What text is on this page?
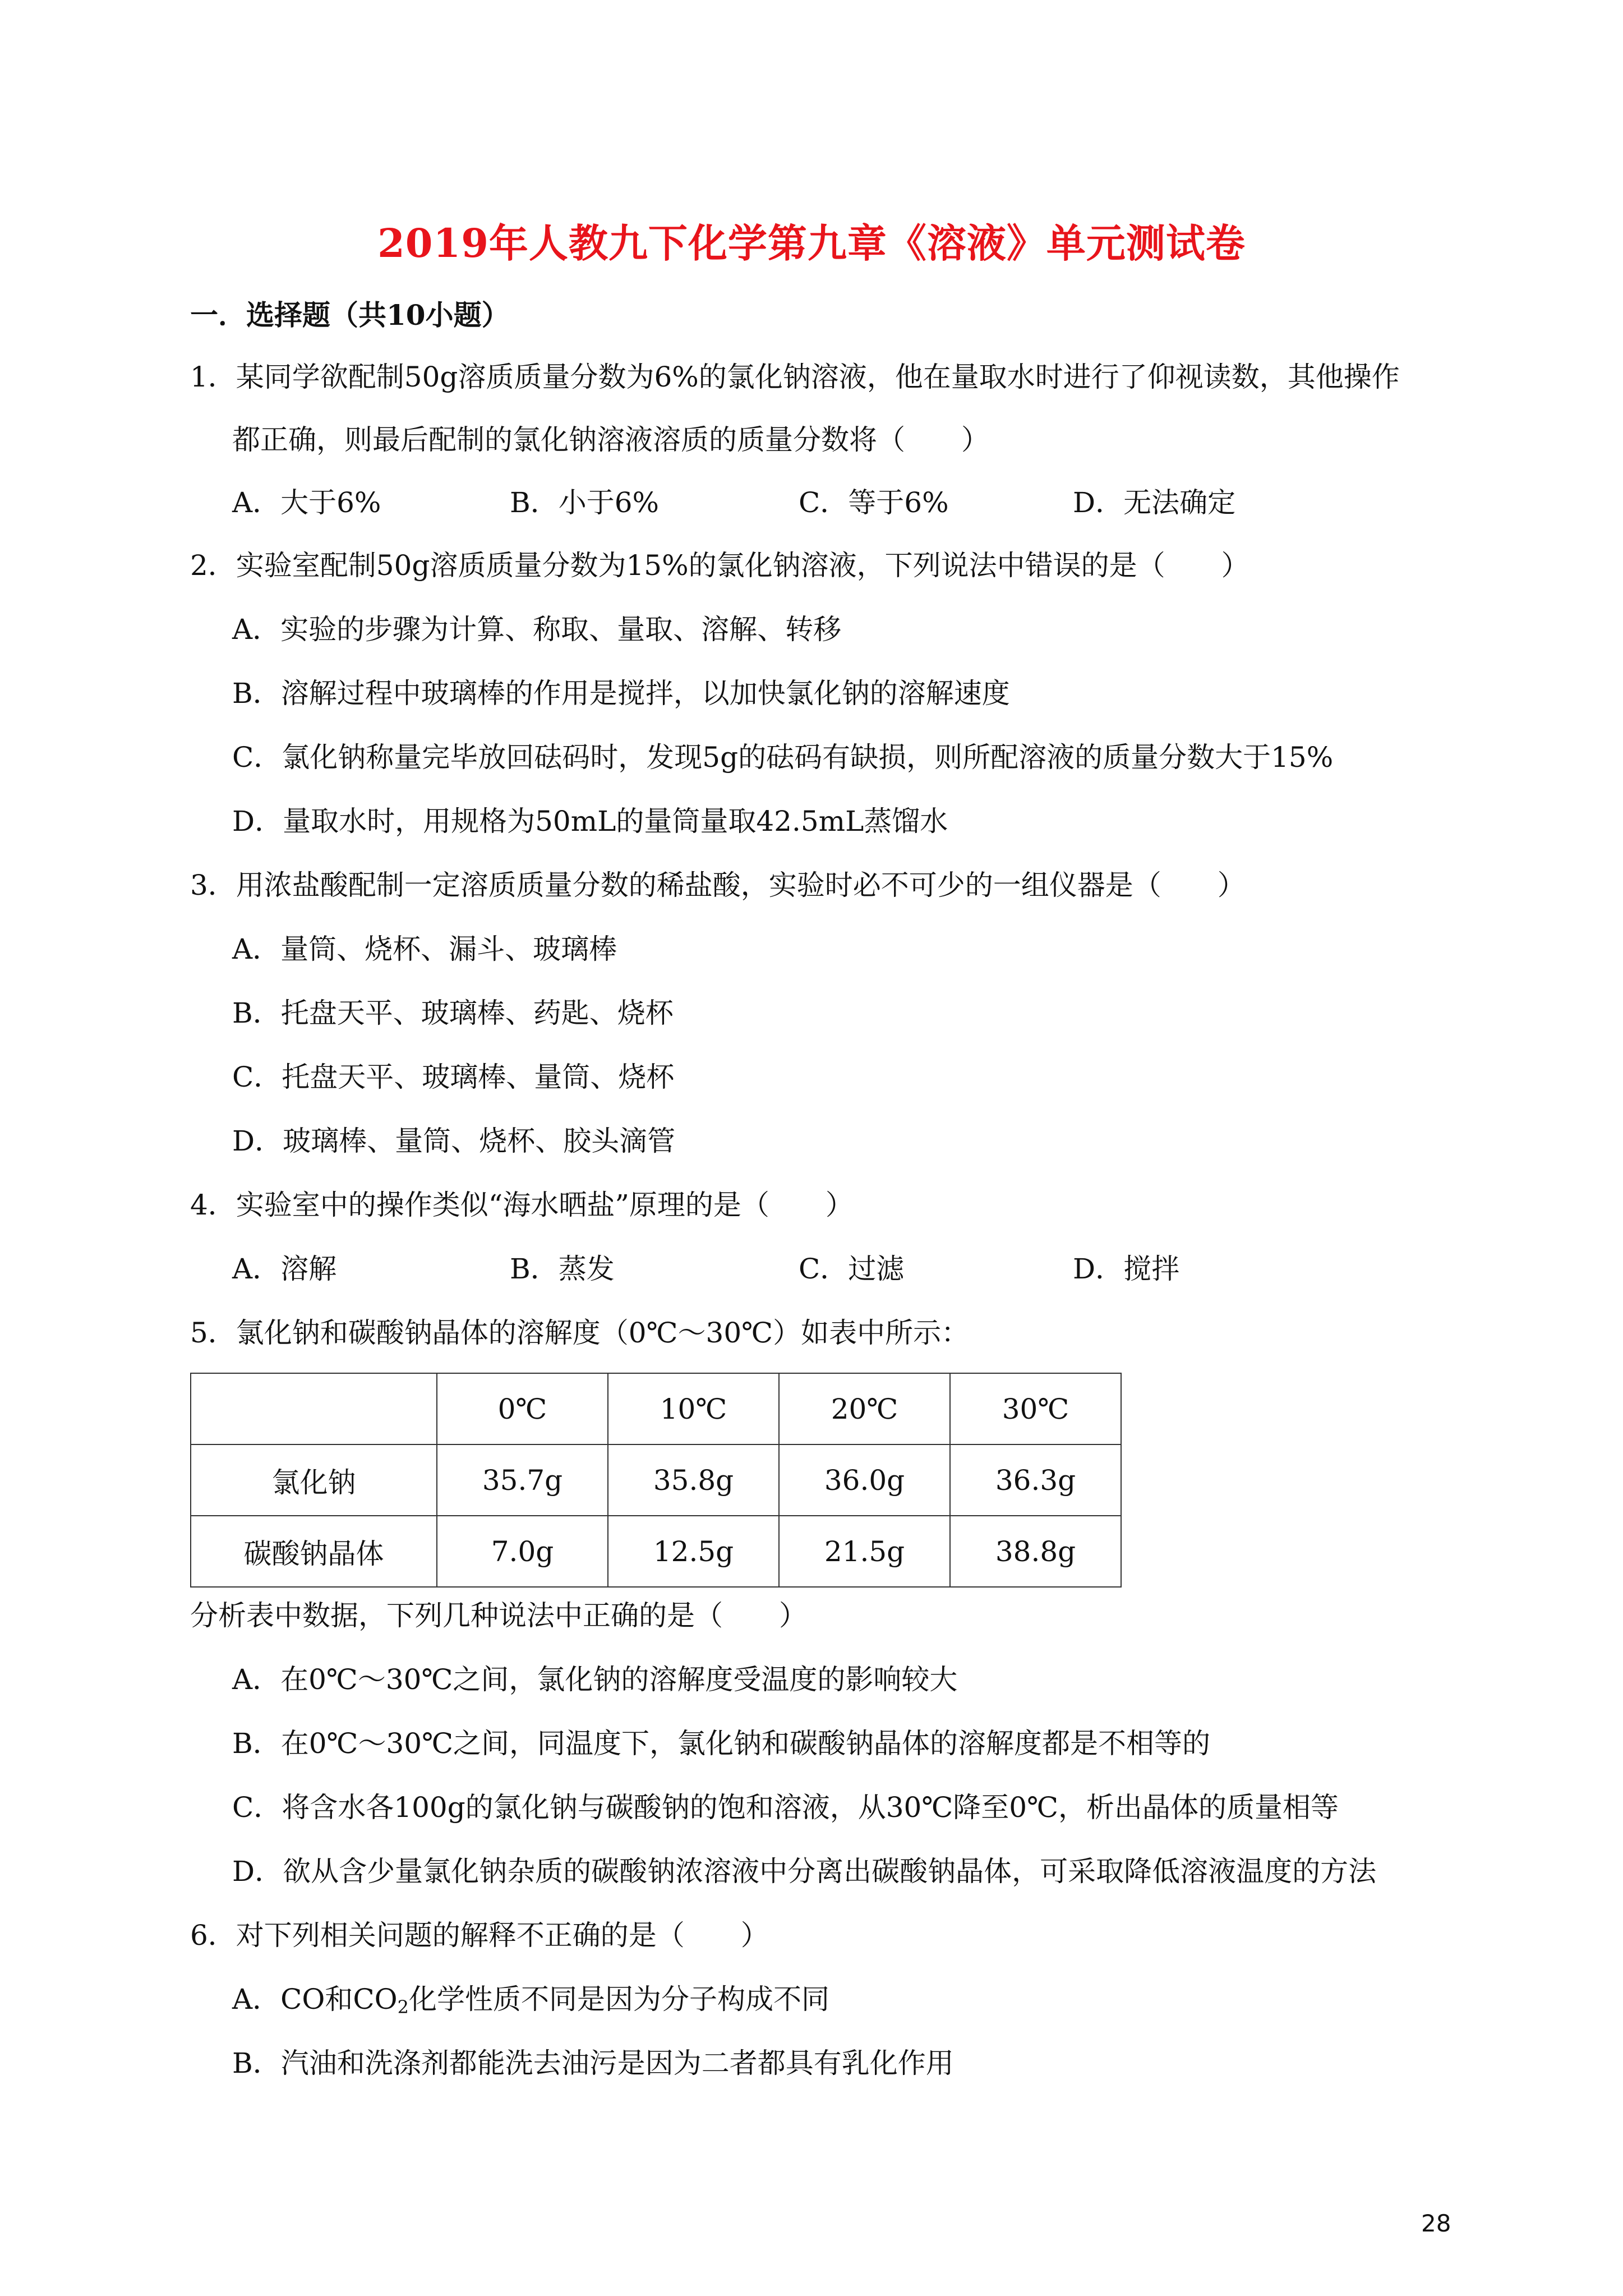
2019年人教九下化学第九章《溶液》单元测试卷
一．选择题（共10小题）
1．某同学欲配制50g溶质质量分数为6%的氯化钠溶液，他在量取水时进行了仰视读数，其他操作
都正确，则最后配制的氯化钠溶液溶质的质量分数将（　　）
A．大于6%	B．小于6%	C．等于6%	D．无法确定
2．实验室配制50g溶质质量分数为15%的氯化钠溶液，下列说法中错误的是（　　）
A．实验的步骤为计算、称取、量取、溶解、转移
B．溶解过程中玻璃棒的作用是搅拌，以加快氯化钠的溶解速度
C．氯化钠称量完毕放回砝码时，发现5g的砝码有缺损，则所配溶液的质量分数大于15%
D．量取水时，用规格为50mL的量筒量取42.5mL蒸馏水
3．用浓盐酸配制一定溶质质量分数的稀盐酸，实验时必不可少的一组仪器是（　　）
A．量筒、烧杯、漏斗、玻璃棒
B．托盘天平、玻璃棒、药匙、烧杯
C．托盘天平、玻璃棒、量筒、烧杯
D．玻璃棒、量筒、烧杯、胶头滴管
4．实验室中的操作类似“海水晒盐”原理的是（　　）
A．溶解	B．蒸发	C．过滤	D．搅拌
5．氯化钠和碳酸钠晶体的溶解度（0℃～30℃）如表中所示：
	0℃	10℃	20℃	30℃
氯化钠	35.7g	35.8g	36.0g	36.3g
碳酸钠晶体	7.0g	12.5g	21.5g	38.8g
分析表中数据，下列几种说法中正确的是（　　）
A．在0℃～30℃之间，氯化钠的溶解度受温度的影响较大
B．在0℃～30℃之间，同温度下，氯化钠和碳酸钠晶体的溶解度都是不相等的
C．将含水各100g的氯化钠与碳酸钠的饱和溶液，从30℃降至0℃，析出晶体的质量相等
D．欲从含少量氯化钠杂质的碳酸钠浓溶液中分离出碳酸钠晶体，可采取降低溶液温度的方法
6．对下列相关问题的解释不正确的是（　　）
A．CO和$CO_2$化学性质不同是因为分子构成不同
B．汽油和洗涤剂都能洗去油污是因为二者都具有乳化作用
28
